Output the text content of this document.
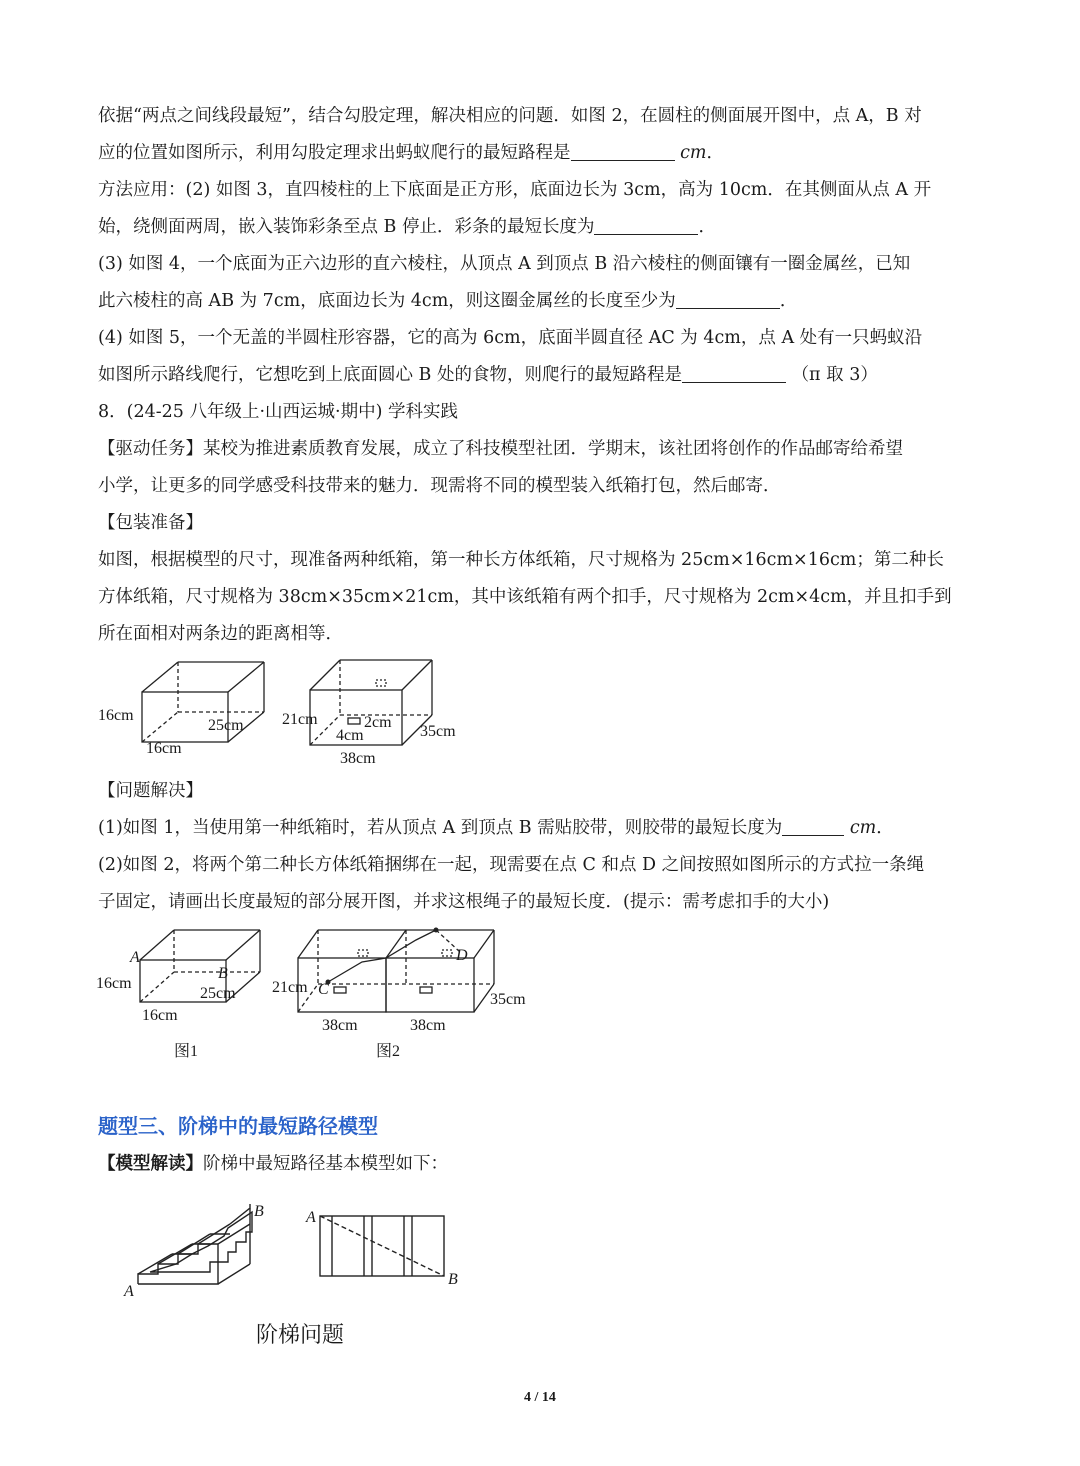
依据“两点之间线段最短”，结合勾股定理，解决相应的问题．如图 2，在圆柱的侧面展开图中，点 A，B 对
应的位置如图所示，利用勾股定理求出蚂蚁爬行的最短路程是	cm．
方法应用：(2) 如图 3，直四棱柱的上下底面是正方形，底面边长为 3cm，高为 10cm．在其侧面从点 A 开
始，绕侧面两周，嵌入装饰彩条至点 B 停止．彩条的最短长度为	．
(3) 如图 4，一个底面为正六边形的直六棱柱，从顶点 A 到顶点 B 沿六棱柱的侧面镶有一圈金属丝，已知
此六棱柱的高 AB 为 7cm，底面边长为 4cm，则这圈金属丝的长度至少为	．
(4) 如图 5，一个无盖的半圆柱形容器，它的高为 6cm，底面半圆直径 AC 为 4cm，点 A 处有一只蚂蚁沿
如图所示路线爬行，它想吃到上底面圆心 B 处的食物，则爬行的最短路程是	（π 取 3）
8．(24-25 八年级上·山西运城·期中) 学科实践
【驱动任务】某校为推进素质教育发展，成立了科技模型社团．学期末，该社团将创作的作品邮寄给希望
小学，让更多的同学感受科技带来的魅力．现需将不同的模型装入纸箱打包，然后邮寄．
【包装准备】
如图，根据模型的尺寸，现准备两种纸箱，第一种长方体纸箱，尺寸规格为 25cm×16cm×16cm；第二种长
方体纸箱，尺寸规格为 38cm×35cm×21cm，其中该纸箱有两个扣手，尺寸规格为 2cm×4cm，并且扣手到
所在面相对两条边的距离相等．
16cm
25cm
16cm
21cm	2cm
4cm	35cm
38cm
【问题解决】
(1)如图 1，当使用第一种纸箱时，若从顶点 A 到顶点 B 需贴胶带，则胶带的最短长度为	cm．
(2)如图 2，将两个第二种长方体纸箱捆绑在一起，现需要在点 C 和点 D 之间按照如图所示的方式拉一条绳
子固定，请画出长度最短的部分展开图，并求这根绳子的最短长度．(提示：需考虑扣手的大小)
A
B
16cm
25cm
16cm
图1
21cm C
D
35cm
38cm	38cm
图2
题型三、阶梯中的最短路径模型
【模型解读】阶梯中最短路径基本模型如下：
A
B	A
B
阶梯问题
4 / 14
